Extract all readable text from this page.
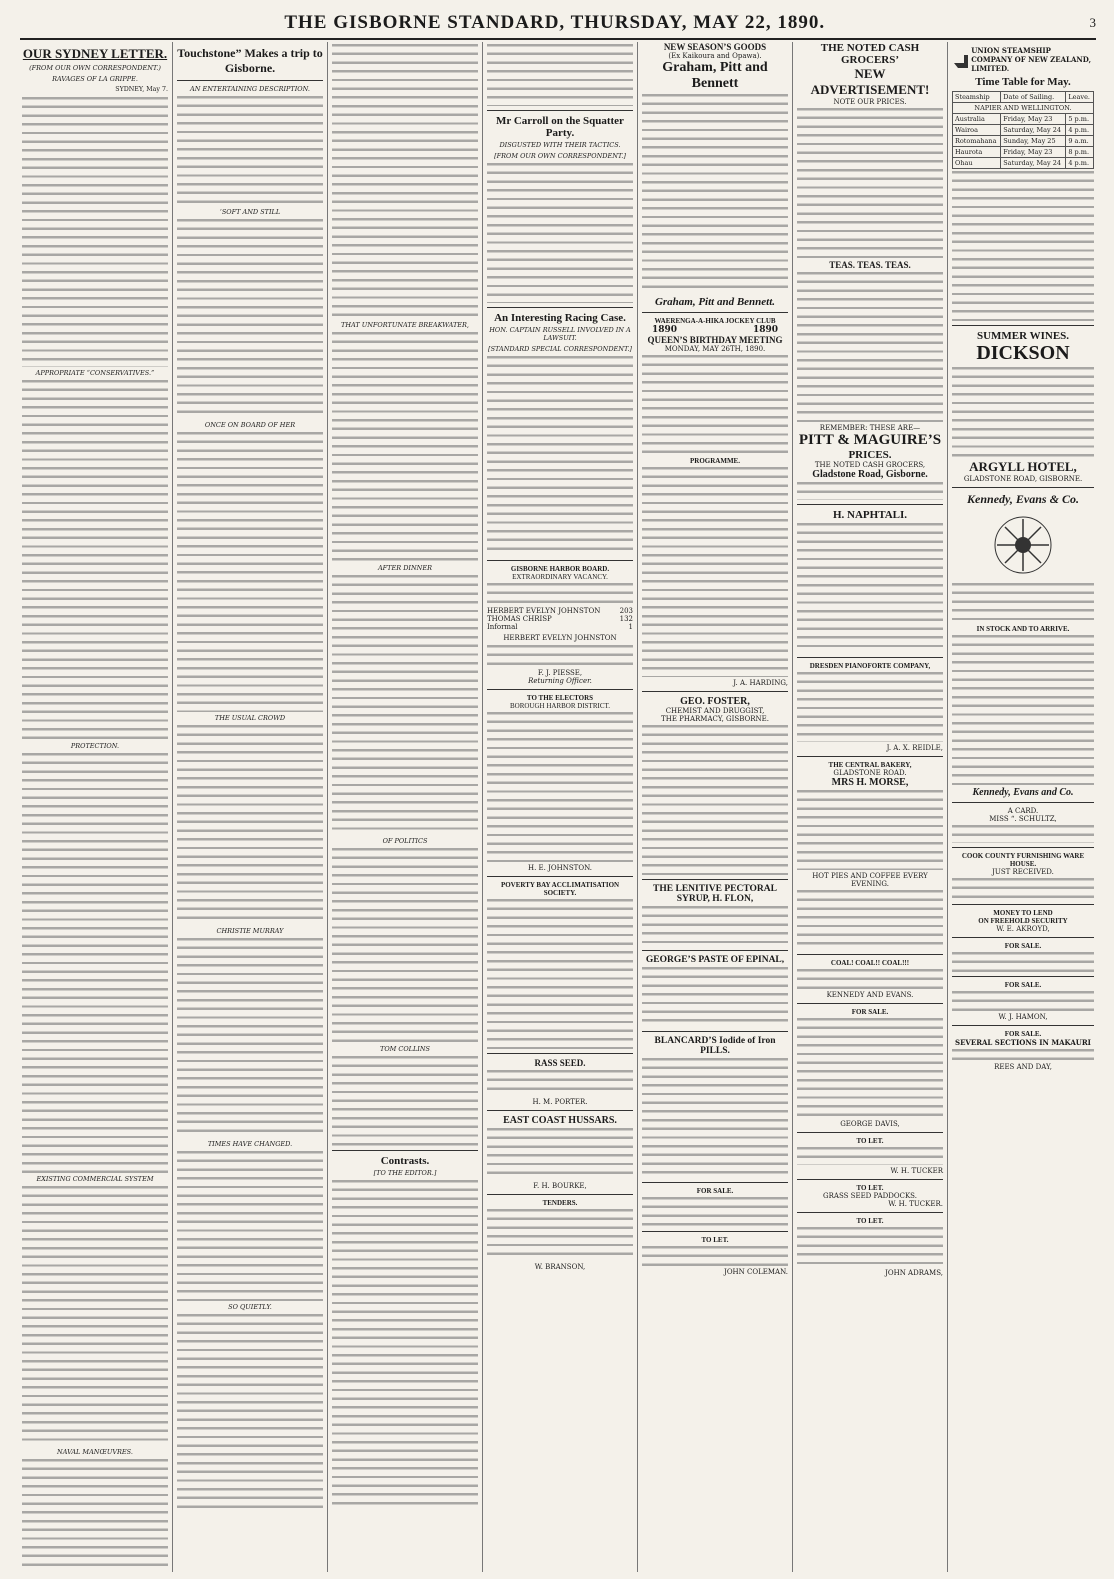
THE GISBORNE STANDARD, THURSDAY, MAY 22, 1890.	3
OUR SYDNEY LETTER.
(FROM OUR OWN CORRESPONDENT.)
RAVAGES OF LA GRIPPE.
SYDNEY, May 7.
APPROPRIATE “CONSERVATIVES.”
PROTECTION.
EXISTING COMMERCIAL SYSTEM
NAVAL MANŒUVRES.
Touchstone” Makes a trip to Gisborne.
AN ENTERTAINING DESCRIPTION.
‘SOFT AND STILL
ONCE ON BOARD OF HER
THE USUAL CROWD
CHRISTIE MURRAY
TIMES HAVE CHANGED.
SO QUIETLY.
THAT UNFORTUNATE BREAKWATER,
AFTER DINNER
OF POLITICS
TOM COLLINS
Contrasts.
[TO THE EDITOR.]
Mr Carroll on the Squatter Party.
DISGUSTED WITH THEIR TACTICS.
[FROM OUR OWN CORRESPONDENT.]
An Interesting Racing Case.
HON. CAPTAIN RUSSELL INVOLVED IN A LAWSUIT.
[STANDARD SPECIAL CORRESPONDENT.]
GISBORNE HARBOR BOARD.
EXTRAORDINARY VACANCY.
HERBERT EVELYN JOHNSTON	203
THOMAS CHRISP	132
Informal	1
HERBERT EVELYN JOHNSTON
F. J. PIESSE,
Returning Officer.
TO THE ELECTORS
BOROUGH HARBOR DISTRICT.
H. E. JOHNSTON.
POVERTY BAY ACCLIMATISATION SOCIETY.
RASS SEED.
H. M. PORTER.
EAST COAST HUSSARS.
F. H. BOURKE,
TENDERS.
W. BRANSON,
NEW SEASON’S GOODS
(Ex Kaikoura and Opawa).
Graham, Pitt and Bennett
Graham, Pitt and Bennett.
WAERENGA-A-HIKA JOCKEY CLUB
1890	1890
QUEEN’S BIRTHDAY MEETING
MONDAY, MAY 26TH, 1890.
PROGRAMME.
J. A. HARDING,
GEO. FOSTER,
CHEMIST AND DRUGGIST,
THE PHARMACY, GISBORNE.
THE LENITIVE PECTORAL SYRUP, H. FLON,
GEORGE’S PASTE OF EPINAL,
BLANCARD’S Iodide of Iron PILLS.
FOR SALE.
TO LET.
JOHN COLEMAN.
THE NOTED CASH GROCERS’
NEW ADVERTISEMENT!
NOTE OUR PRICES.
TEAS. TEAS. TEAS.
REMEMBER: THESE ARE—
PITT & MAGUIRE’S
PRICES.
THE NOTED CASH GROCERS,
Gladstone Road, Gisborne.
H. NAPHTALI.
DRESDEN PIANOFORTE COMPANY,
J. A. X. REIDLE,
THE CENTRAL BAKERY,
GLADSTONE ROAD.
MRS H. MORSE,
HOT PIES AND COFFEE EVERY EVENING.
COAL! COAL!! COAL!!!
KENNEDY AND EVANS.
FOR SALE.
GEORGE DAVIS,
TO LET.
W. H. TUCKER
TO LET.
GRASS SEED PADDOCKS.
W. H. TUCKER.
TO LET.
JOHN ADRAMS,
UNION STEAMSHIP COMPANY OF NEW ZEALAND, LIMITED.
Time Table for May.
Steamship	Date of Sailing.	Leave.
NAPIER AND WELLINGTON.		
Australia	Friday, May 23	5 p.m.
Wairoa	Saturday, May 24	4 p.m.
Rotomahana	Sunday, May 25	9 a.m.
Haurota	Friday, May 23	8 p.m.
Ohau	Saturday, May 24	4 p.m.
SUMMER WINES.
DICKSON
ARGYLL HOTEL,
GLADSTONE ROAD, GISBORNE.
Kennedy, Evans & Co.
IN STOCK AND TO ARRIVE.
Kennedy, Evans and Co.
A CARD.
MISS “. SCHULTZ,
COOK COUNTY FURNISHING WARE HOUSE.
JUST RECEIVED.
MONEY TO LEND
ON FREEHOLD SECURITY
W. E. AKROYD,
FOR SALE.
FOR SALE.
W. J. HAMON,
FOR SALE.
SEVERAL SECTIONS IN MAKAURI
REES AND DAY,
